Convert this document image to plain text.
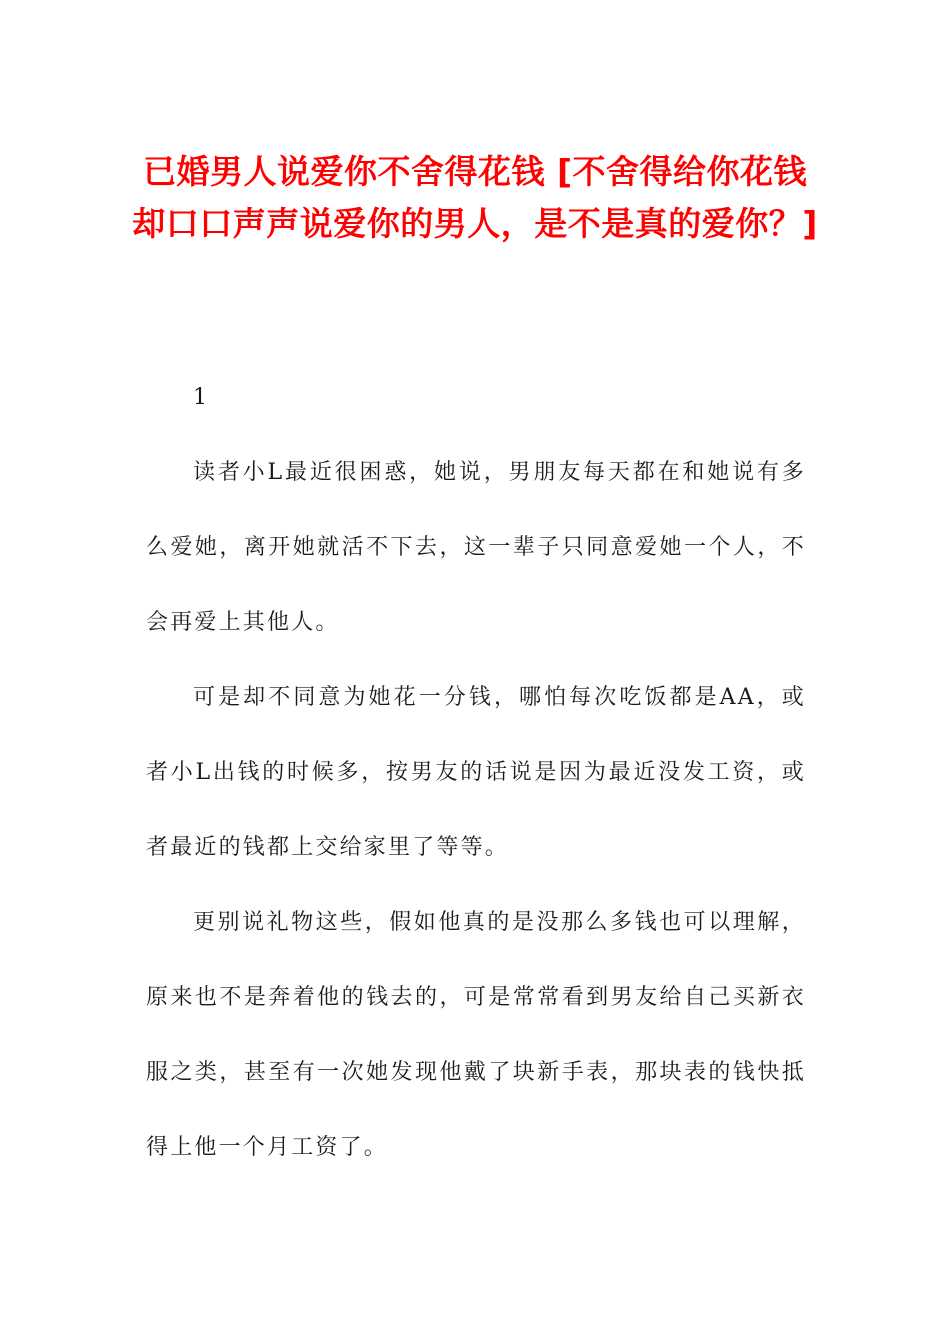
已婚男人说爱你不舍得花钱 [不舍得给你花钱却口口声声说爱你的男人，是不是真的爱你？]

1

读者小L最近很困惑，她说，男朋友每天都在和她说有多么爱她，离开她就活不下去，这一辈子只同意爱她一个人，不会再爱上其他人。

可是却不同意为她花一分钱，哪怕每次吃饭都是AA，或者小L出钱的时候多，按男友的话说是因为最近没发工资，或者最近的钱都上交给家里了等等。

更别说礼物这些，假如他真的是没那么多钱也可以理解，原来也不是奔着他的钱去的，可是常常看到男友给自己买新衣服之类，甚至有一次她发现他戴了块新手表，那块表的钱快抵得上他一个月工资了。
